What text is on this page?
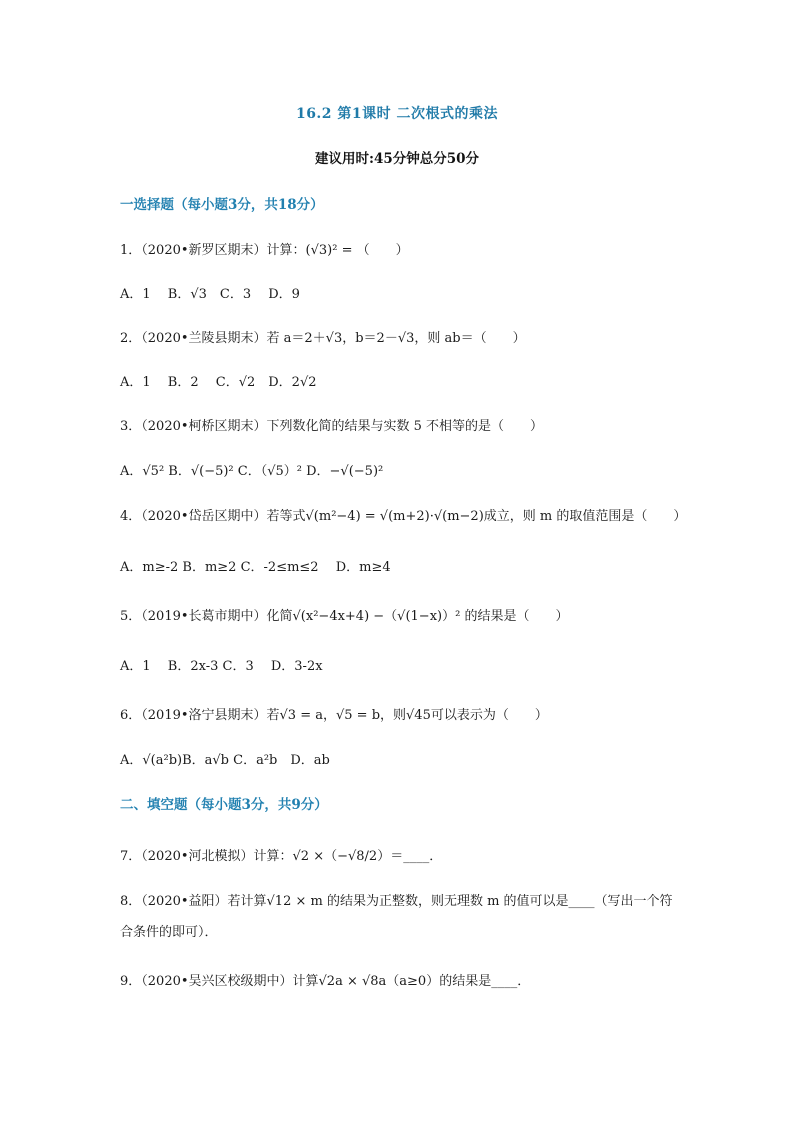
16.2 第1课时 二次根式的乘法
建议用时:45分钟总分50分
一选择题（每小题3分，共18分）
1．（2020•新罗区期末）计算：(√3)² = （　　）
A．1　 B．√3　C．3　 D．9
2．（2020•兰陵县期末）若 a＝2＋√3，b＝2－√3，则 ab＝（　　）
A．1　 B．2　 C．√2　D．2√2
3．（2020•柯桥区期末）下列数化简的结果与实数 5 不相等的是（　　）
A．√5² B．√(−5)² C．（√5）² D．−√(−5)²
4．（2020•岱岳区期中）若等式√(m²−4) = √(m+2)·√(m−2)成立，则 m 的取值范围是（　　）
A．m≥-2 B．m≥2 C．-2≤m≤2　 D．m≥4
5．（2019•长葛市期中）化简√(x²−4x+4) −（√(1−x)）² 的结果是（　　）
A．1　 B．2x-3 C．3　 D．3-2x
6．（2019•洛宁县期末）若√3 = a，√5 = b，则√45可以表示为（　　）
A．√(a²b)B．a√b C．a²b　D．ab
二、填空题（每小题3分，共9分）
7．（2020•河北模拟）计算：√2 ×（−√8/2）＝____．
8．（2020•益阳）若计算√12 × m 的结果为正整数，则无理数 m 的值可以是____（写出一个符合条件的即可）．
9．（2020•吴兴区校级期中）计算√2a × √8a（a≥0）的结果是____．
